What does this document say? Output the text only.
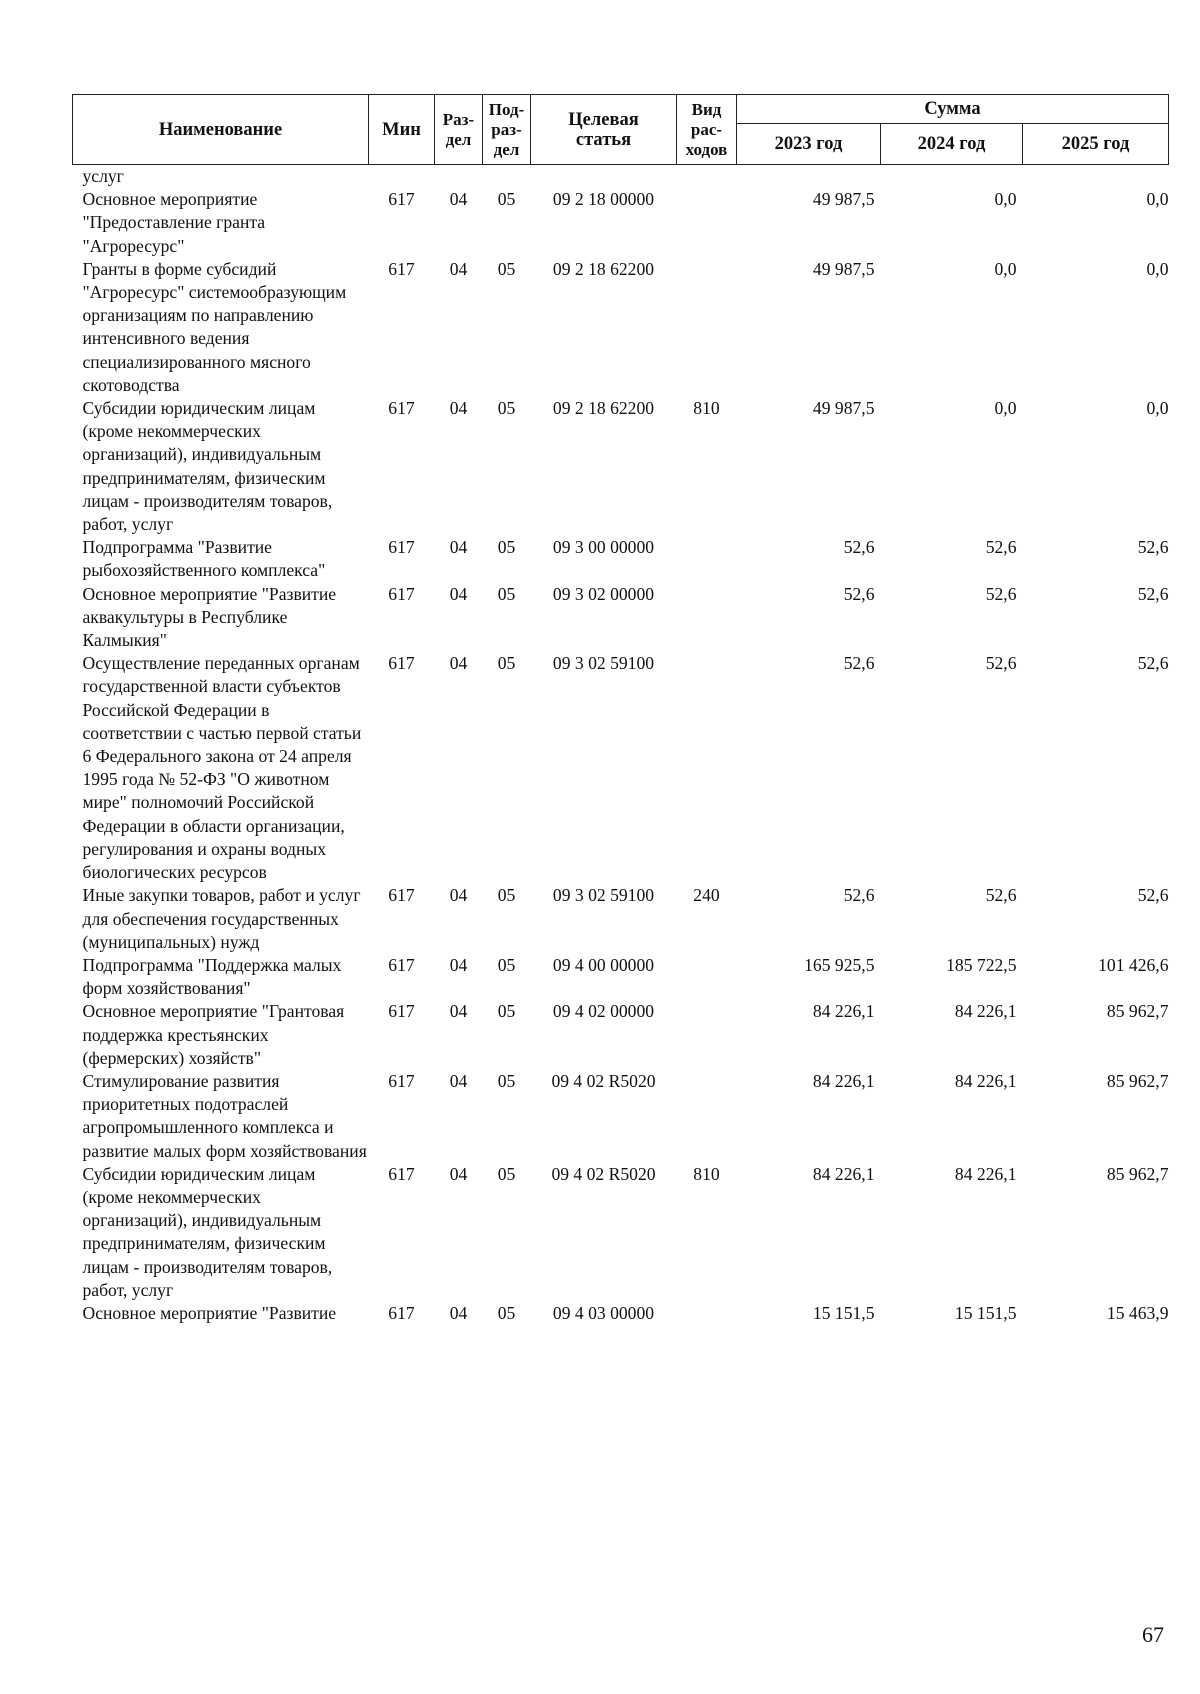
Наименование	Мин	Раз-дел	Под-раз-дел	Целевая статья	Вид рас-ходов	Сумма		
						2023 год	2024 год	2025 год
услуг								
Основное мероприятие "Предоставление гранта "Агроресурс"	617	04	05	09 2 18 00000		49 987,5	0,0	0,0
Гранты в форме субсидий "Агроресурс" системообразующим организациям по направлению интенсивного ведения специализированного мясного скотоводства	617	04	05	09 2 18 62200		49 987,5	0,0	0,0
Субсидии юридическим лицам (кроме некоммерческих организаций), индивидуальным предпринимателям, физическим лицам - производителям товаров, работ, услуг	617	04	05	09 2 18 62200	810	49 987,5	0,0	0,0
Подпрограмма "Развитие рыбохозяйственного комплекса"	617	04	05	09 3 00 00000		52,6	52,6	52,6
Основное мероприятие "Развитие аквакультуры в Республике Калмыкия"	617	04	05	09 3 02 00000		52,6	52,6	52,6
Осуществление переданных органам государственной власти субъектов Российской Федерации в соответствии с частью первой статьи 6 Федерального закона от 24 апреля 1995 года № 52-ФЗ "О животном мире" полномочий Российской Федерации в области организации, регулирования и охраны водных биологических ресурсов	617	04	05	09 3 02 59100		52,6	52,6	52,6
Иные закупки товаров, работ и услуг для обеспечения государственных (муниципальных) нужд	617	04	05	09 3 02 59100	240	52,6	52,6	52,6
Подпрограмма "Поддержка малых форм хозяйствования"	617	04	05	09 4 00 00000		165 925,5	185 722,5	101 426,6
Основное мероприятие "Грантовая поддержка крестьянских (фермерских) хозяйств"	617	04	05	09 4 02 00000		84 226,1	84 226,1	85 962,7
Стимулирование развития приоритетных подотраслей агропромышленного комплекса и развитие малых форм хозяйствования	617	04	05	09 4 02 R5020		84 226,1	84 226,1	85 962,7
Субсидии юридическим лицам (кроме некоммерческих организаций), индивидуальным предпринимателям, физическим лицам - производителям товаров, работ, услуг	617	04	05	09 4 02 R5020	810	84 226,1	84 226,1	85 962,7
Основное мероприятие "Развитие	617	04	05	09 4 03 00000		15 151,5	15 151,5	15 463,9
67
